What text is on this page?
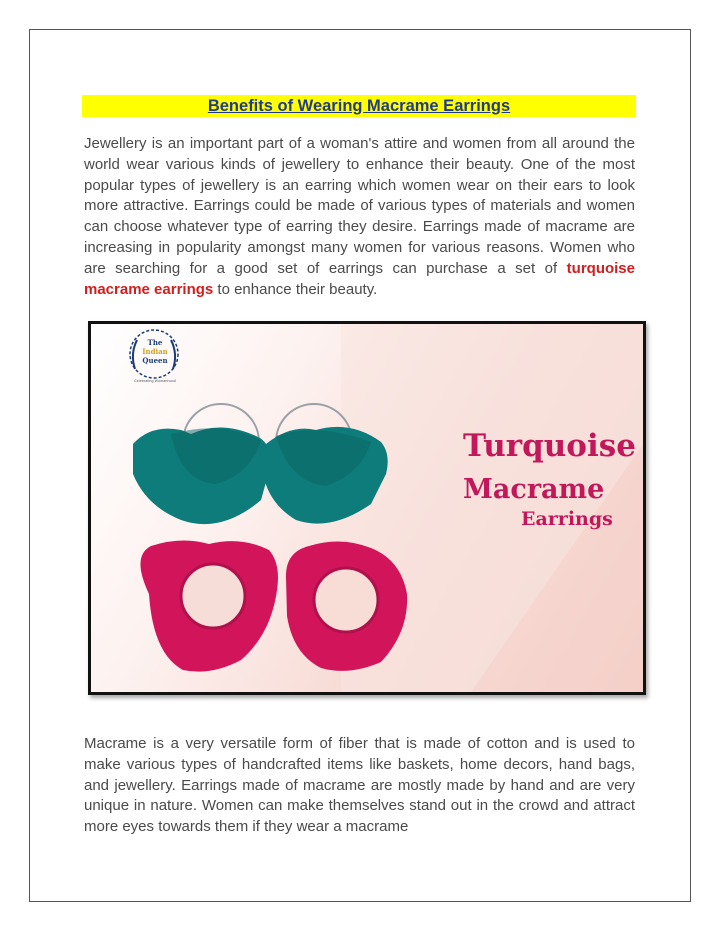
Benefits of Wearing Macrame Earrings

Jewellery is an important part of a woman's attire and women from all around the world wear various kinds of jewellery to enhance their beauty. One of the most popular types of jewellery is an earring which women wear on their ears to look more attractive. Earrings could be made of various types of materials and women can choose whatever type of earring they desire. Earrings made of macrame are increasing in popularity amongst many women for various reasons. Women who are searching for a good set of earrings can purchase a set of turquoise macrame earrings to enhance their beauty.

The
Indian
Queen
Celebrating Womanhood
Turquoise
Macrame
Earrings

Macrame is a very versatile form of fiber that is made of cotton and is used to make various types of handcrafted items like baskets, home decors, hand bags, and jewellery. Earrings made of macrame are mostly made by hand and are very unique in nature. Women can make themselves stand out in the crowd and attract more eyes towards them if they wear a macrame
